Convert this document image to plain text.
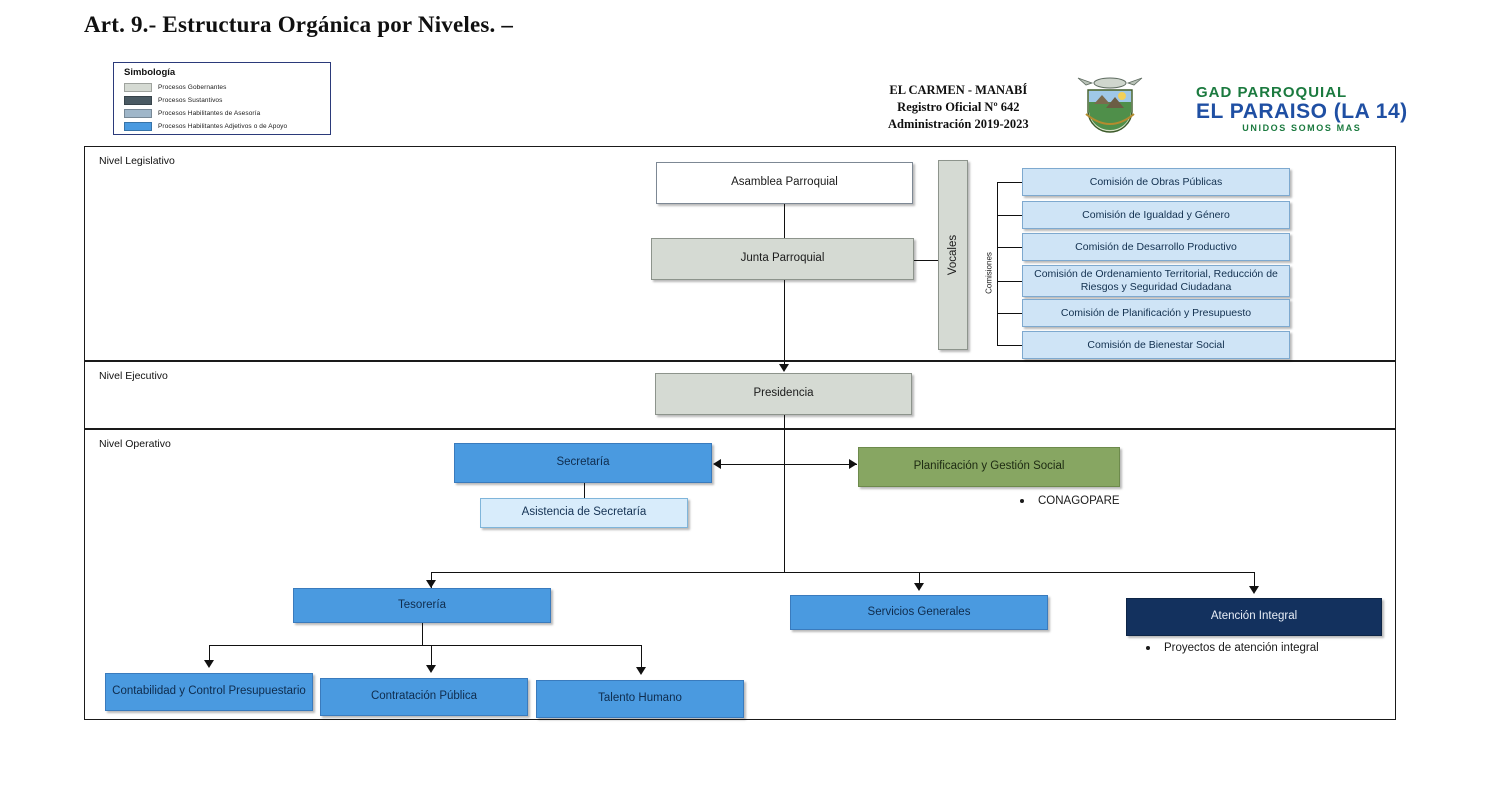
Art. 9.- Estructura Orgánica por Niveles. –
Simbología
Procesos Gobernantes
Procesos Sustantivos
Procesos Habilitantes de Asesoría
Procesos Habilitantes Adjetivos o de Apoyo
EL CARMEN - MANABÍ
Registro Oficial Nº 642
Administración 2019-2023
GAD PARROQUIAL
EL PARAISO (LA 14)
UNIDOS SOMOS MAS
Nivel Legislativo
Nivel Ejecutivo
Nivel Operativo
Asamblea Parroquial
Junta Parroquial	Vocales	Comisiones
Comisión de Obras Públicas
Comisión de Igualdad y Género
Comisión de Desarrollo Productivo
Comisión de Ordenamiento Territorial, Reducción de Riesgos y Seguridad Ciudadana
Comisión de Planificación y Presupuesto
Comisión de Bienestar Social
Presidencia
Secretaría
Asistencia de Secretaría
Planificación y Gestión Social
CONAGOPARE
Tesorería
Servicios Generales	Atención Integral
Proyectos de atención integral
Contabilidad y Control Presupuestario	Contratación Pública	Talento Humano
